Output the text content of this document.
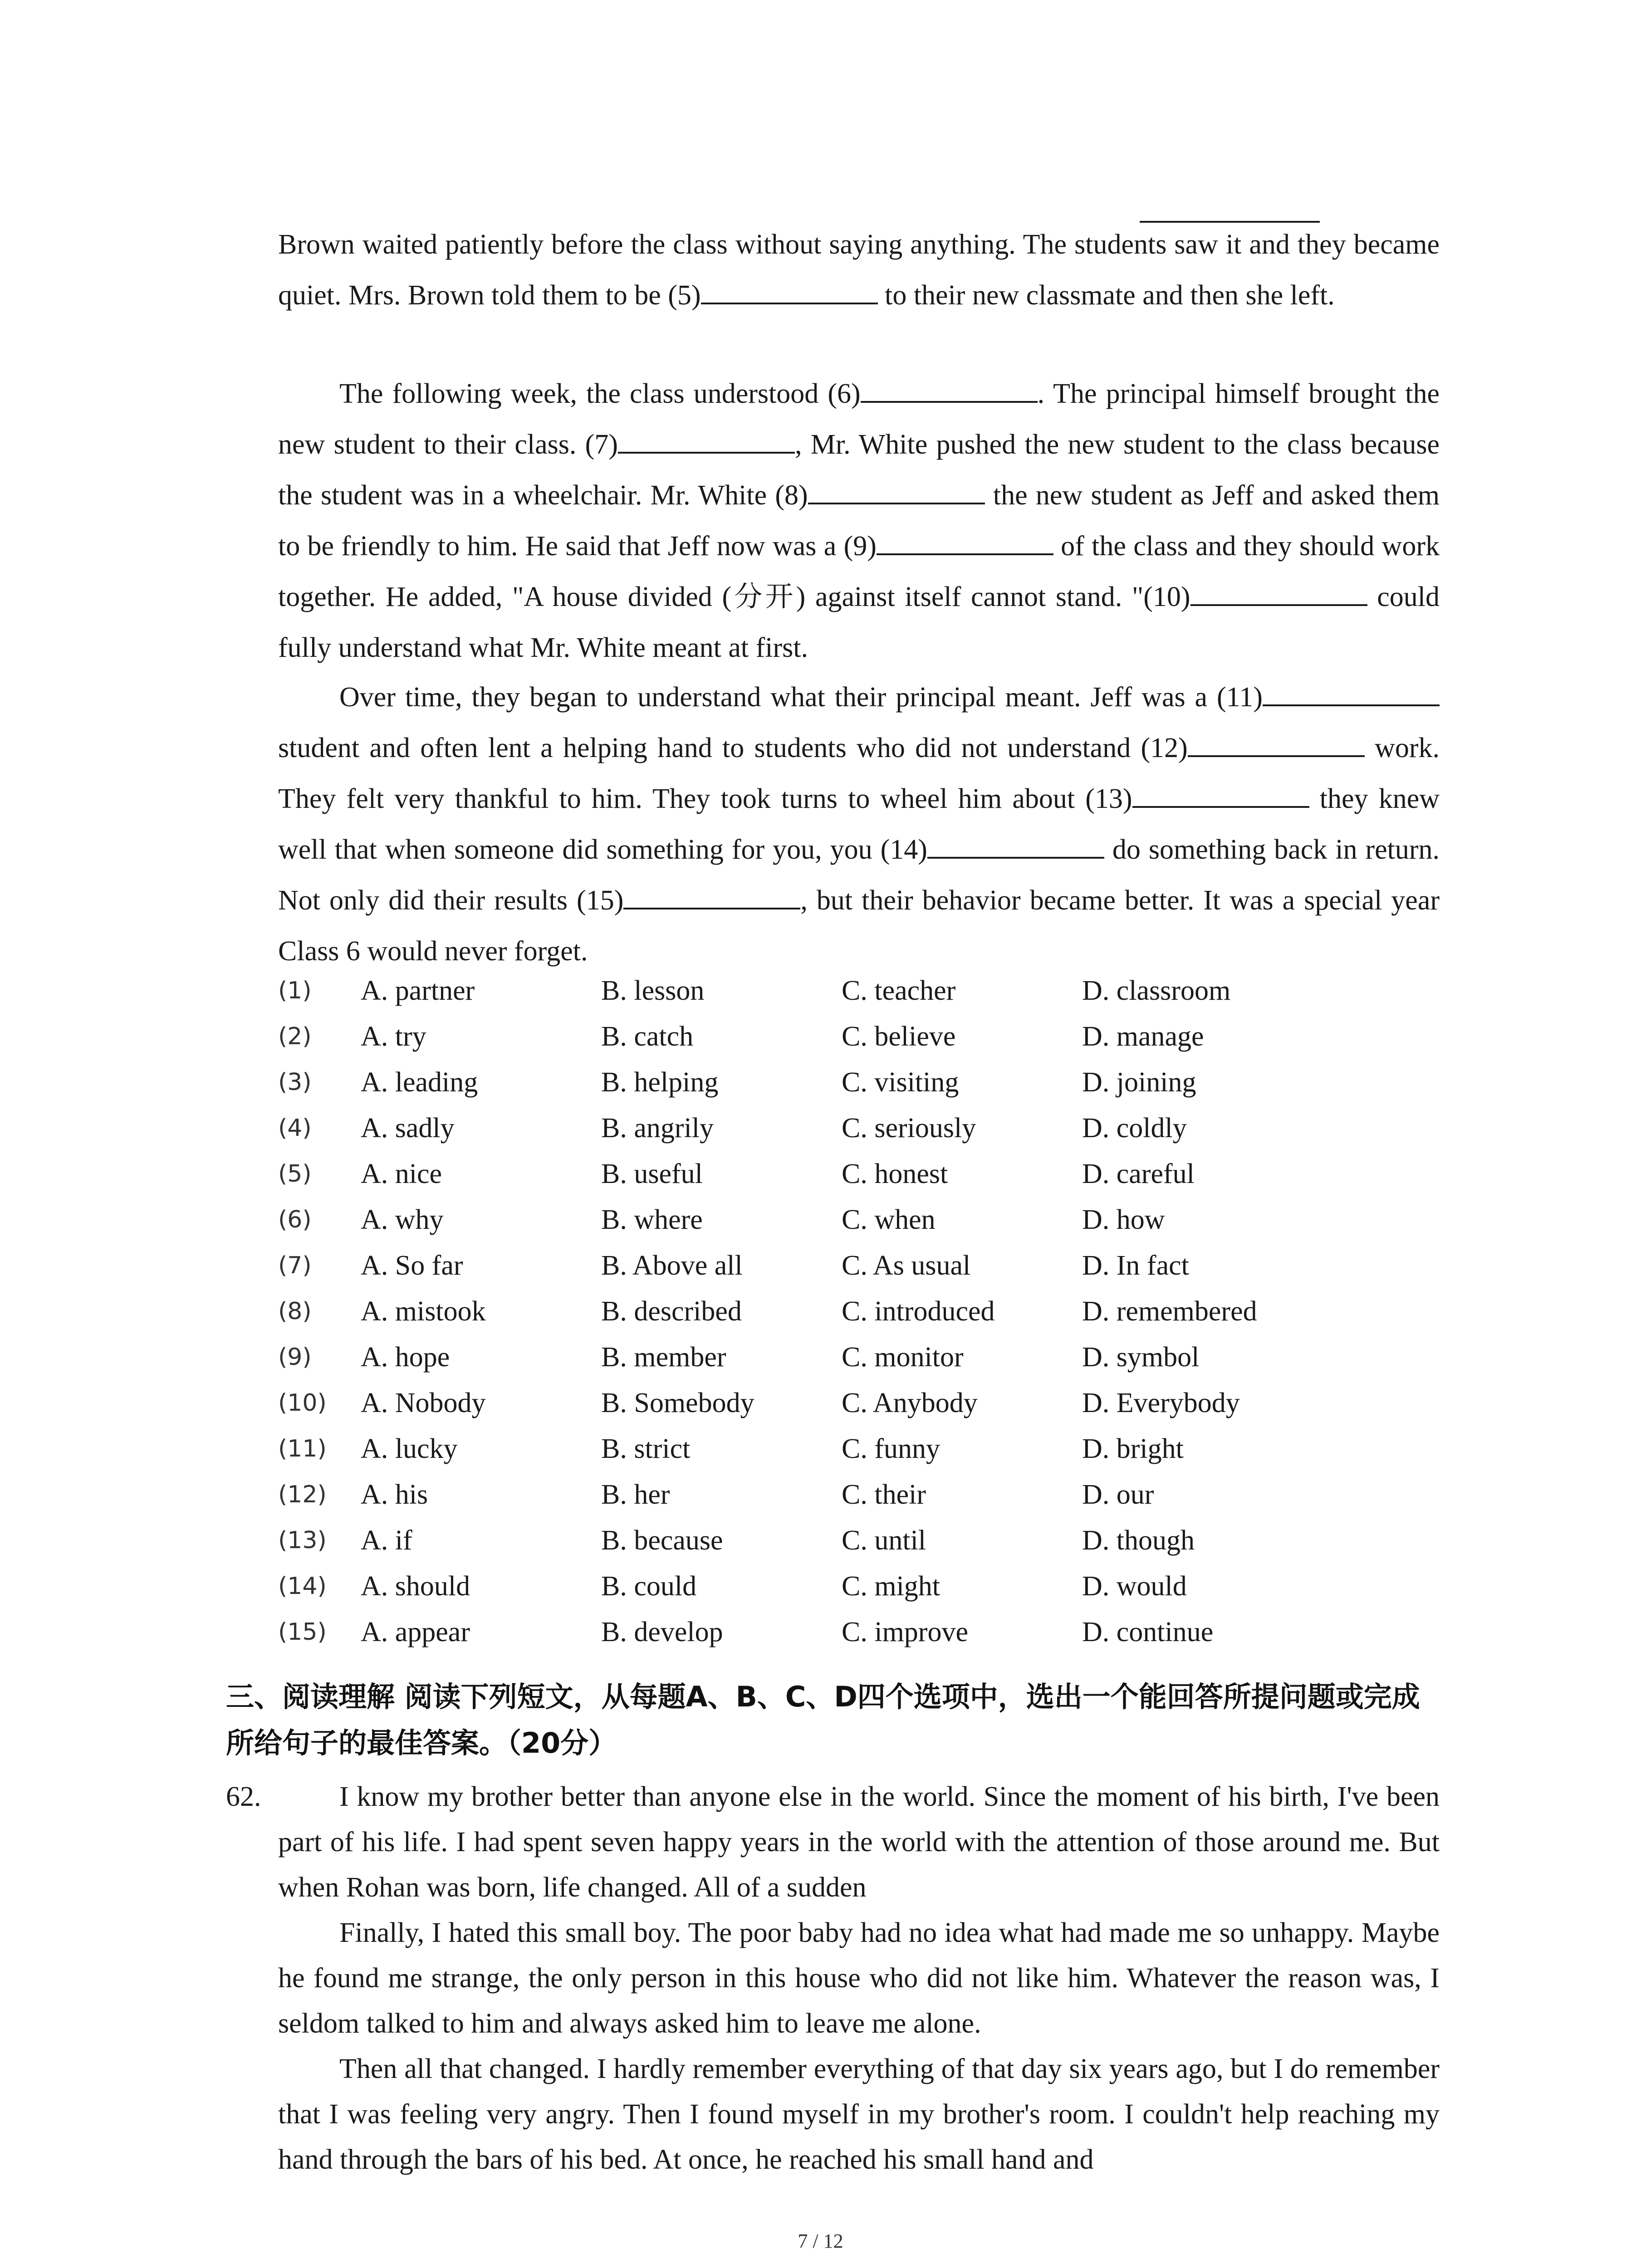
Brown waited patiently before the class without saying anything. The students saw it and they became quiet. Mrs. Brown told them to be (5)	to their new classmate and then she left.
The following week, the class understood (6)	. The principal himself brought the new student to their class. (7)	, Mr. White pushed the new student to the class because the student was in a wheelchair. Mr. White (8)	the new student as Jeff and asked them to be friendly to him. He said that Jeff now was a (9)	of the class and they should work together. He added, "A house divided (分开) against itself cannot stand. "(10)	could fully understand what Mr. White meant at first.
Over time, they began to understand what their principal meant. Jeff was a (11) student and often lent a helping hand to students who did not understand (12)	work. They felt very thankful to him. They took turns to wheel him about (13)	they knew well that when someone did something for you, you (14)	do something back in return. Not only did their results (15)	, but their behavior became better. It was a special year Class 6 would never forget.
(1) A. partner	B. lesson	C. teacher	D. classroom
(2) A. try	B. catch	C. believe	D. manage
(3) A. leading	B. helping	C. visiting	D. joining
(4) A. sadly	B. angrily	C. seriously	D. coldly
(5) A. nice	B. useful	C. honest	D. careful
(6) A. why	B. where	C. when	D. how
(7) A. So far	B. Above all	C. As usual	D. In fact
(8) A. mistook	B. described	C. introduced	D. remembered
(9) A. hope	B. member	C. monitor	D. symbol
(10) A. Nobody	B. Somebody	C. Anybody	D. Everybody
(11) A. lucky	B. strict	C. funny	D. bright
(12) A. his	B. her	C. their	D. our
(13) A. if	B. because	C. until	D. though
(14) A. should	B. could	C. might	D. would
(15) A. appear	B. develop	C. improve	D. continue
三、阅读理解 阅读下列短文，从每题A、B、C、D四个选项中，选出一个能回答所提问题或完成所给句子的最佳答案。（20分）
62.	I know my brother better than anyone else in the world. Since the moment of his birth, I've been part of his life. I had spent seven happy years in the world with the attention of those around me. But when Rohan was born, life changed. All of a sudden
Finally, I hated this small boy. The poor baby had no idea what had made me so unhappy. Maybe he found me strange, the only person in this house who did not like him. Whatever the reason was, I seldom talked to him and always asked him to leave me alone.
Then all that changed. I hardly remember everything of that day six years ago, but I do remember that I was feeling very angry. Then I found myself in my brother's room. I couldn't help reaching my hand through the bars of his bed. At once, he reached his small hand and
7 / 12
